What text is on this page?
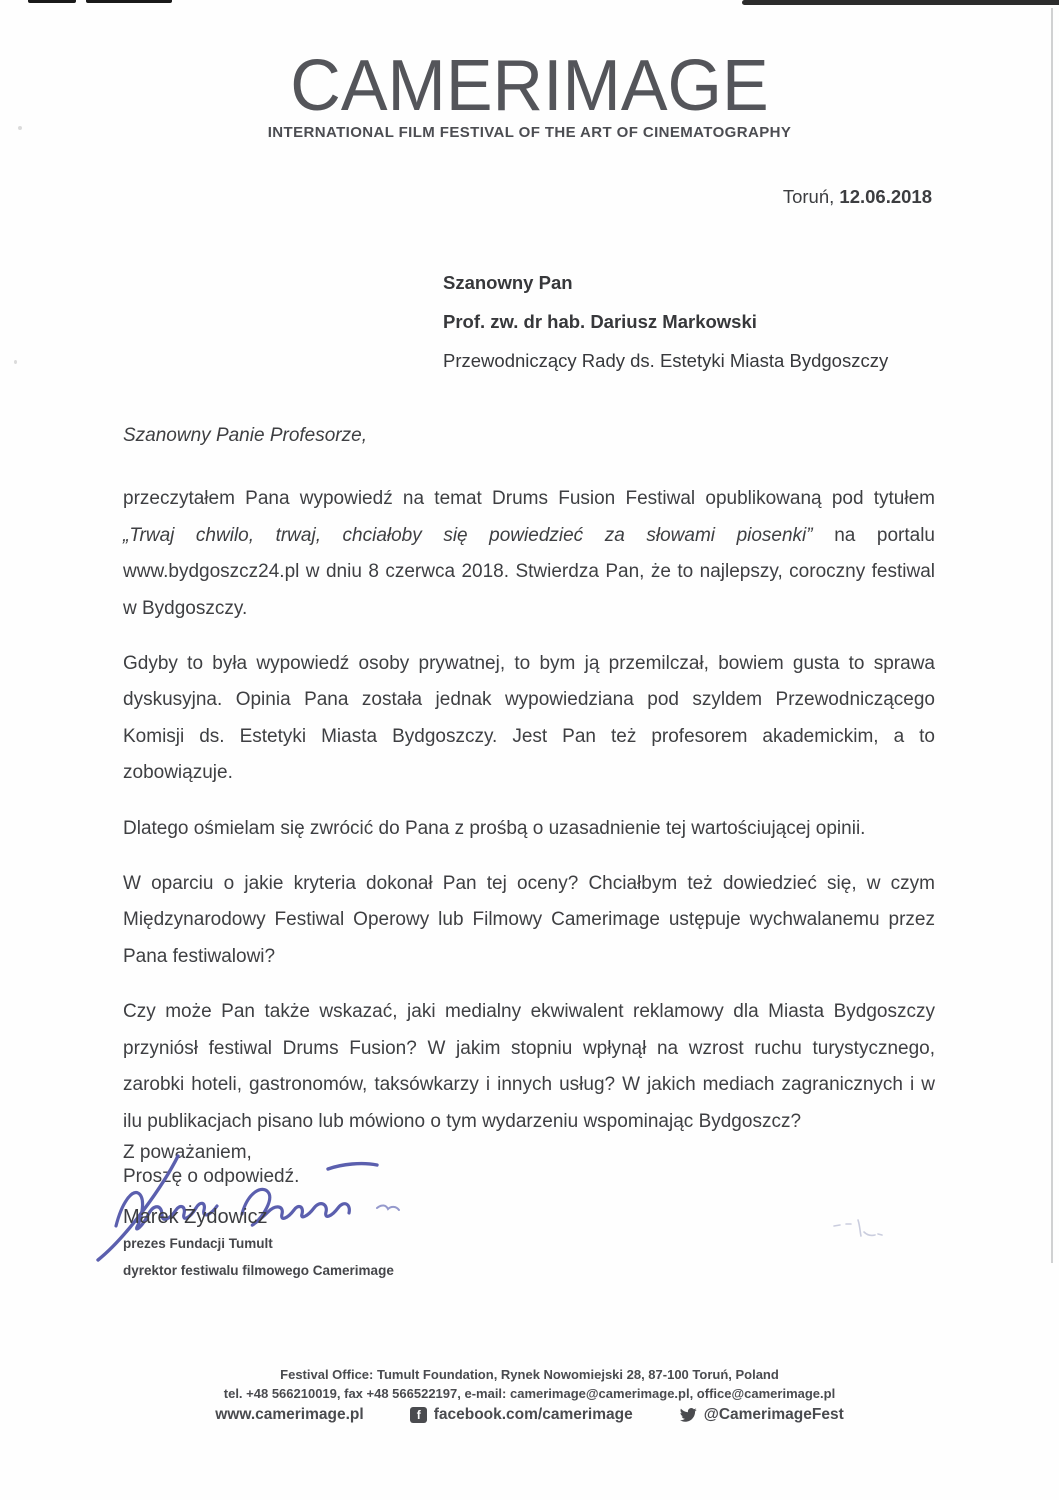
CAMERIMAGE
INTERNATIONAL FILM FESTIVAL OF THE ART OF CINEMATOGRAPHY
Toruń, 12.06.2018
Szanowny Pan
Prof. zw. dr hab. Dariusz Markowski
Przewodniczący Rady ds. Estetyki Miasta Bydgoszczy

Szanowny Panie Profesorze,

przeczytałem Pana wypowiedź na temat Drums Fusion Festiwal opublikowaną pod tytułem „Trwaj chwilo, trwaj, chciałoby się powiedzieć za słowami piosenki” na portalu www.bydgoszcz24.pl w dniu 8 czerwca 2018. Stwierdza Pan, że to najlepszy, coroczny festiwal w Bydgoszczy.

Gdyby to była wypowiedź osoby prywatnej, to bym ją przemilczał, bowiem gusta to sprawa dyskusyjna. Opinia Pana została jednak wypowiedziana pod szyldem Przewodniczącego Komisji ds. Estetyki Miasta Bydgoszczy. Jest Pan też profesorem akademickim, a to zobowiązuje.

Dlatego ośmielam się zwrócić do Pana z prośbą o uzasadnienie tej wartościującej opinii.

W oparciu o jakie kryteria dokonał Pan tej oceny? Chciałbym też dowiedzieć się, w czym Międzynarodowy Festiwal Operowy lub Filmowy Camerimage ustępuje wychwalanemu przez Pana festiwalowi?

Czy może Pan także wskazać, jaki medialny ekwiwalent reklamowy dla Miasta Bydgoszczy przyniósł festiwal Drums Fusion? W jakim stopniu wpłynął na wzrost ruchu turystycznego, zarobki hoteli, gastronomów, taksówkarzy i innych usług? W jakich mediach zagranicznych i w ilu publikacjach pisano lub mówiono o tym wydarzeniu wspominając Bydgoszcz?

Proszę o odpowiedź.

Z poważaniem,
Marek Żydowicz
prezes Fundacji Tumult
dyrektor festiwalu filmowego Camerimage
Festival Office: Tumult Foundation, Rynek Nowomiejski 28, 87-100 Toruń, Poland
tel. +48 566210019, fax +48 566522197, e-mail: camerimage@camerimage.pl, office@camerimage.pl
www.camerimage.pl	f facebook.com/camerimage	@CamerimageFest
